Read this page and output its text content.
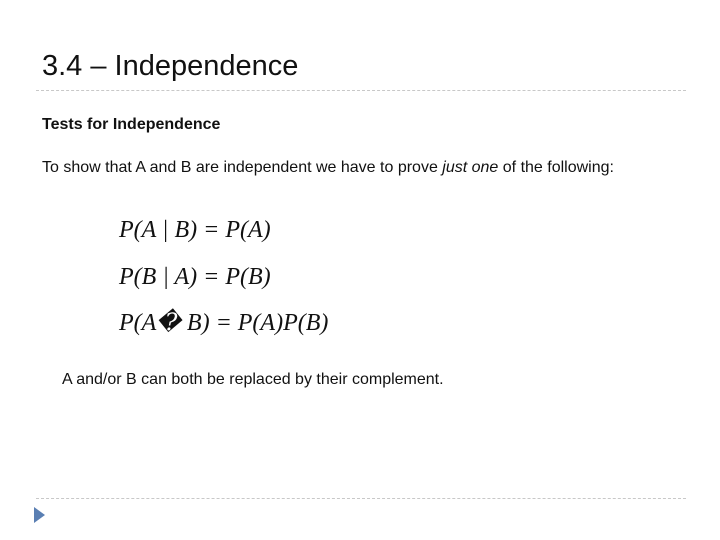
3.4 – Independence
Tests for Independence
To show that A and B are independent we have to prove just one of the following:
P(A | B) = P(A)
P(B | A) = P(B)
P(A� B) = P(A)P(B)
A and/or B can both be replaced by their complement.
